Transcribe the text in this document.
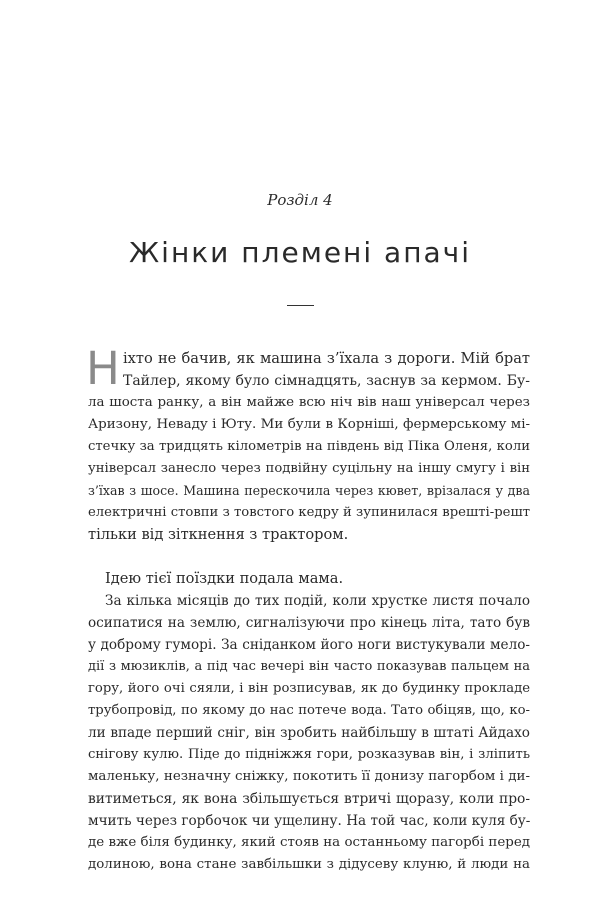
Розділ 4
Жінки племені апачі
Н іхто не бачив, як машина з’їхала з дороги. Мій брат
Тайлер, якому було сімнадцять, заснув за кермом. Бу-
ла шоста ранку, а він майже всю ніч вів наш універсал через
Аризону, Неваду і Юту. Ми були в Корніші, фермерському мі-
стечку за тридцять кілометрів на південь від Піка Оленя, коли
універсал занесло через подвійну суцільну на іншу смугу і він
з’їхав з шосе. Машина перескочила через кювет, врізалася у два
електричні стовпи з товстого кедру й зупинилася врешті-решт
тільки від зіткнення з трактором.
Ідею тієї поїздки подала мама.
За кілька місяців до тих подій, коли хрустке листя почало
осипатися на землю, сигналізуючи про кінець літа, тато був
у доброму гуморі. За сніданком його ноги вистукували мело-
дії з мюзиклів, а під час вечері він часто показував пальцем на
гору, його очі сяяли, і він розписував, як до будинку прокладе
трубопровід, по якому до нас потече вода. Тато обіцяв, що, ко-
ли впаде перший сніг, він зробить найбільшу в штаті Айдахо
снігову кулю. Піде до підніжжя гори, розказував він, і зліпить
маленьку, незначну сніжку, покотить її донизу пагорбом і ди-
витиметься, як вона збільшується втричі щоразу, коли про-
мчить через горбочок чи ущелину. На той час, коли куля бу-
де вже біля будинку, який стояв на останньому пагорбі перед
долиною, вона стане завбільшки з дідусеву клуню, й люди на
